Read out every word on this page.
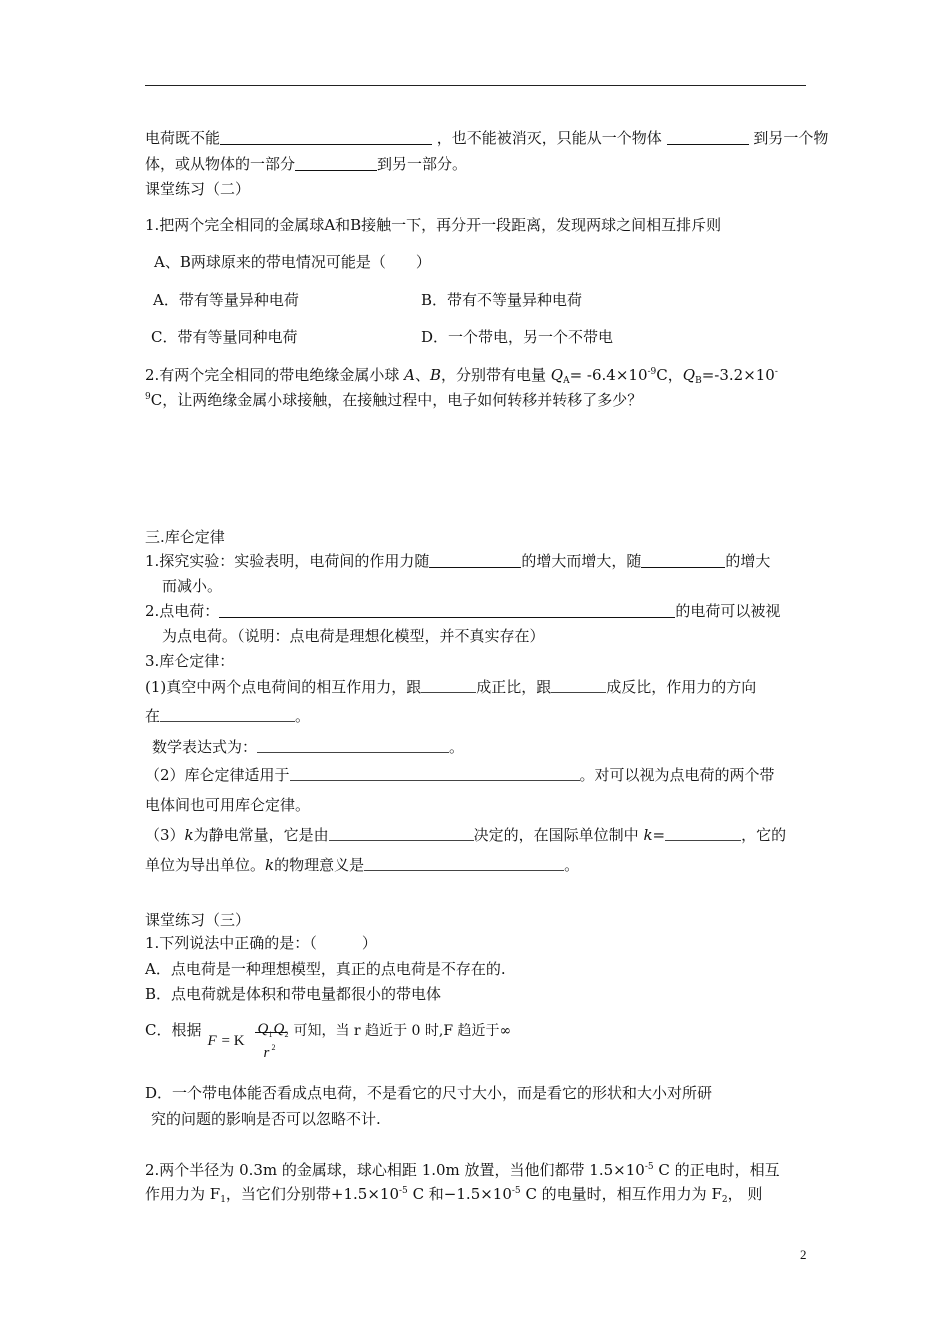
电荷既不能	，也不能被消灭，只能从一个物体	到另一个物
体，或从物体的一部分	到另一部分。
课堂练习（二）
1.把两个完全相同的金属球A和B接触一下，再分开一段距离，发现两球之间相互排斥则
A、B两球原来的带电情况可能是（　　）
A．带有等量异种电荷	B．带有不等量异种电荷
C．带有等量同种电荷	D．一个带电，另一个不带电
2.有两个完全相同的带电绝缘金属小球 A、B，分别带有电量 $Q_A= -6.4\times 10^{-9}C$，$Q_B=-3.2\times 10^-$
$^9$C，让两绝缘金属小球接触，在接触过程中，电子如何转移并转移了多少？
三.库仑定律
1.探究实验：实验表明，电荷间的作用力随	的增大而增大，随	的增大
而减小。
2.点电荷：	的电荷可以被视
为点电荷。（说明：点电荷是理想化模型，并不真实存在）
3.库仑定律：
(1)真空中两个点电荷间的相互作用力，跟	成正比，跟	成反比，作用力的方向
在	。
数学表达式为：	。
（2）库仑定律适用于	。对可以视为点电荷的两个带
电体间也可用库仑定律。
（3）k为静电常量，它是由	决定的，在国际单位制中 k=	，它的
单位为导出单位。k的物理意义是	。
课堂练习（三）
1.下列说法中正确的是：（　　　）
A．点电荷是一种理想模型，真正的点电荷是不存在的.
B．点电荷就是体积和带电量都很小的带电体
C．根据
F = K
Q 1 Q 2
r 2
可知，当 r 趋近于 0 时,F 趋近于∞
D．一个带电体能否看成点电荷，不是看它的尺寸大小，而是看它的形状和大小对所研
究的问题的影响是否可以忽略不计.
2.两个半径为 0.3m 的金属球，球心相距 1.0m 放置，当他们都带 $1.5\times 10^{-5}$ C 的正电时，相互
作用力为 $F_1$，当它们分别带$+1.5\times 10^{-5}$ C 和$-1.5\times 10^{-5}$ C 的电量时，相互作用力为 $F_2$， 则
2
